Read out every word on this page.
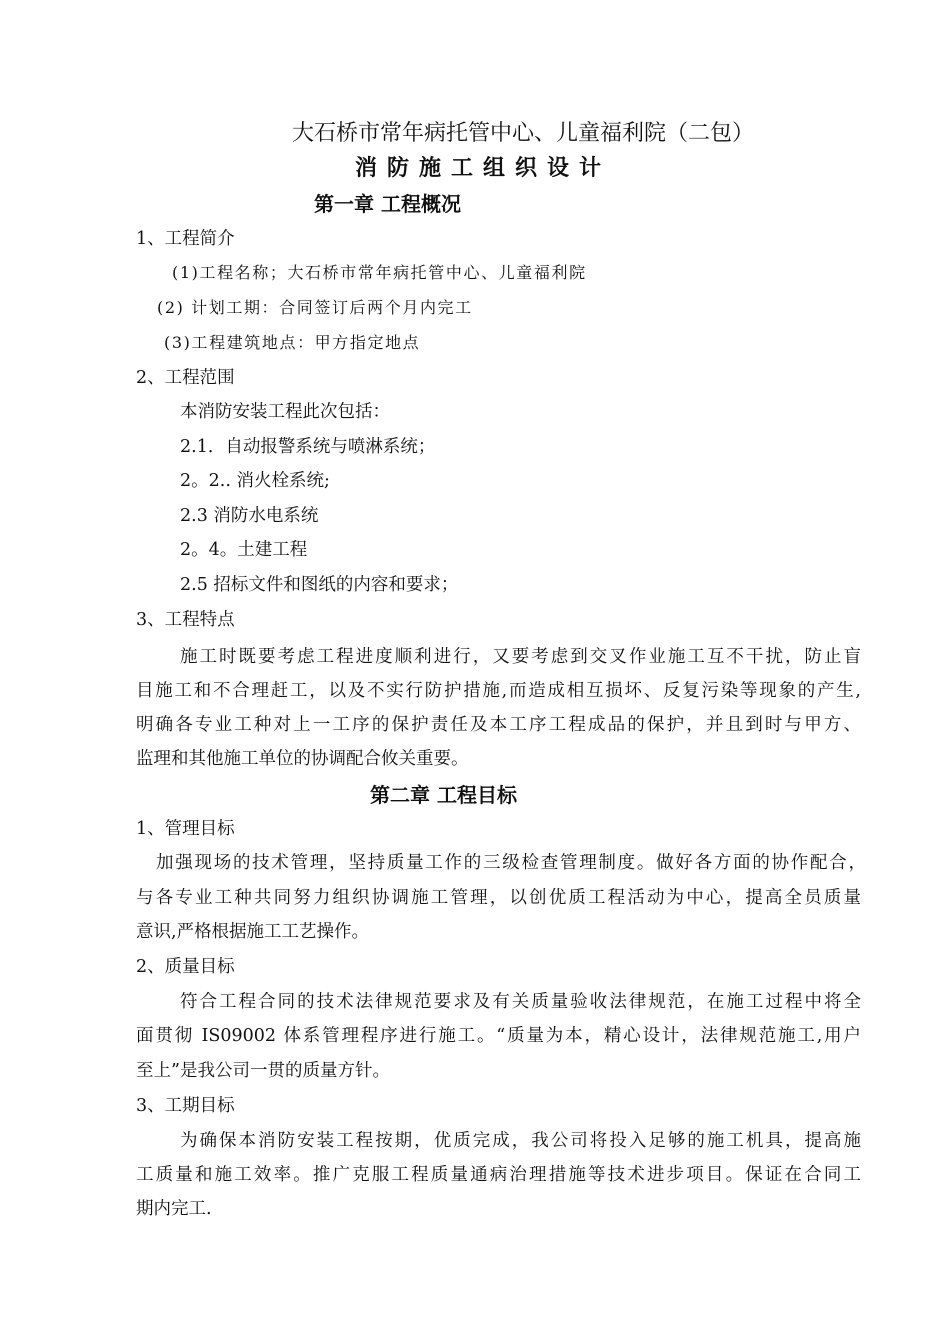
大石桥市常年病托管中心、儿童福利院（二包）
消防施工组织设计
第一章 工程概况
1、工程简介
(1)工程名称；大石桥市常年病托管中心、儿童福利院
(2) 计划工期：合同签订后两个月内完工
(3)工程建筑地点：甲方指定地点
2、工程范围
本消防安装工程此次包括：
2.1．自动报警系统与喷淋系统；
2。2.. 消火栓系统;
2.3 消防水电系统
2。4。土建工程
2.5 招标文件和图纸的内容和要求；
3、工程特点
施工时既要考虑工程进度顺利进行，又要考虑到交叉作业施工互不干扰，防止盲
目施工和不合理赶工，以及不实行防护措施,而造成相互损坏、反复污染等现象的产生,
明确各专业工种对上一工序的保护责任及本工序工程成品的保护，并且到时与甲方、
监理和其他施工单位的协调配合攸关重要。
第二章 工程目标
1、管理目标
加强现场的技术管理，坚持质量工作的三级检查管理制度。做好各方面的协作配合，
与各专业工种共同努力组织协调施工管理，以创优质工程活动为中心，提高全员质量
意识,严格根据施工工艺操作。
2、质量目标
符合工程合同的技术法律规范要求及有关质量验收法律规范，在施工过程中将全
面贯彻 IS09002 体系管理程序进行施工。“质量为本，精心设计，法律规范施工,用户
至上”是我公司一贯的质量方针。
3、工期目标
为确保本消防安装工程按期，优质完成，我公司将投入足够的施工机具，提高施
工质量和施工效率。推广克服工程质量通病治理措施等技术进步项目。保证在合同工
期内完工.
